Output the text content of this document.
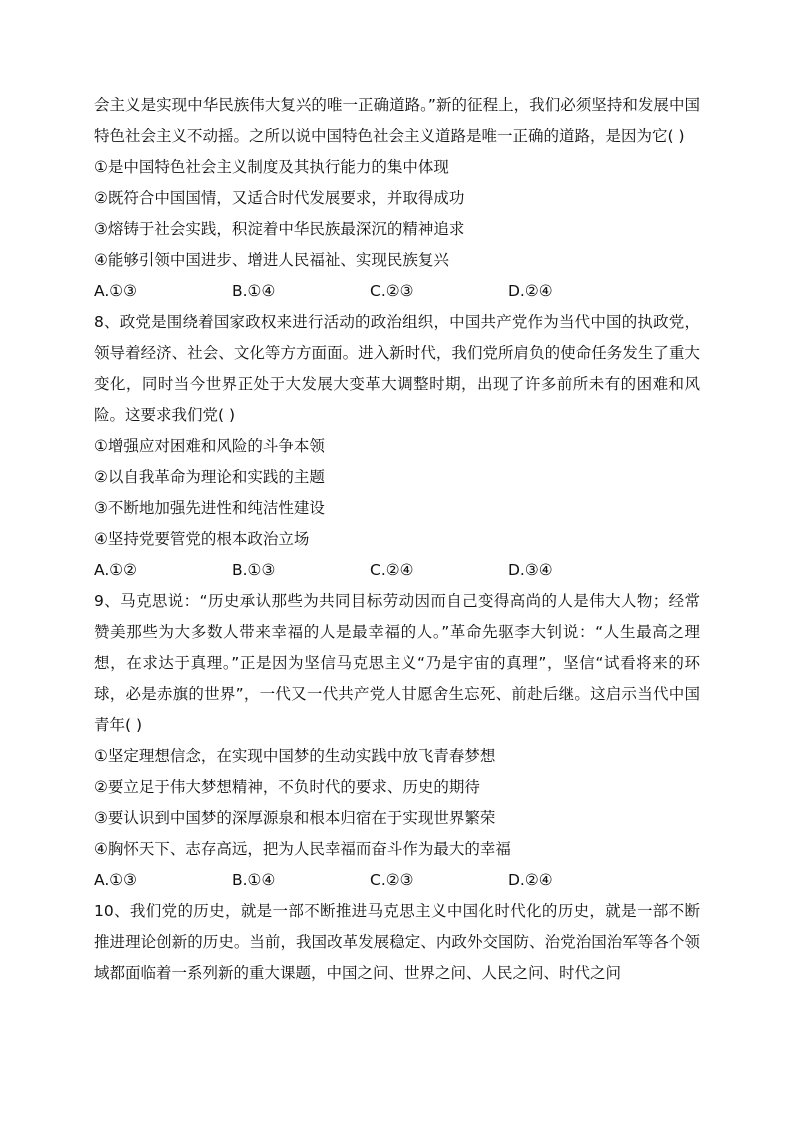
会主义是实现中华民族伟大复兴的唯一正确道路。”新的征程上，我们必须坚持和发展中国特色社会主义不动摇。之所以说中国特色社会主义道路是唯一正确的道路，是因为它( )

①是中国特色社会主义制度及其执行能力的集中体现

②既符合中国国情，又适合时代发展要求，并取得成功

③熔铸于社会实践，积淀着中华民族最深沉的精神追求

④能够引领中国进步、增进人民福祉、实现民族复兴

A.①③	B.①④	C.②③	D.②④

8、政党是围绕着国家政权来进行活动的政治组织，中国共产党作为当代中国的执政党，领导着经济、社会、文化等方方面面。进入新时代，我们党所肩负的使命任务发生了重大变化，同时当今世界正处于大发展大变革大调整时期，出现了许多前所未有的困难和风险。这要求我们党( )

①增强应对困难和风险的斗争本领

②以自我革命为理论和实践的主题

③不断地加强先进性和纯洁性建设

④坚持党要管党的根本政治立场

A.①②	B.①③	C.②④	D.③④

9、马克思说：“历史承认那些为共同目标劳动因而自己变得高尚的人是伟大人物；经常赞美那些为大多数人带来幸福的人是最幸福的人。”革命先驱李大钊说：“人生最高之理想，在求达于真理。”正是因为坚信马克思主义“乃是宇宙的真理”，坚信“试看将来的环球，必是赤旗的世界”，一代又一代共产党人甘愿舍生忘死、前赴后继。这启示当代中国青年( )

①坚定理想信念，在实现中国梦的生动实践中放飞青春梦想

②要立足于伟大梦想精神，不负时代的要求、历史的期待

③要认识到中国梦的深厚源泉和根本归宿在于实现世界繁荣

④胸怀天下、志存高远，把为人民幸福而奋斗作为最大的幸福

A.①③	B.①④	C.②③	D.②④

10、我们党的历史，就是一部不断推进马克思主义中国化时代化的历史，就是一部不断推进理论创新的历史。当前，我国改革发展稳定、内政外交国防、治党治国治军等各个领域都面临着一系列新的重大课题，中国之问、世界之问、人民之问、时代之问
